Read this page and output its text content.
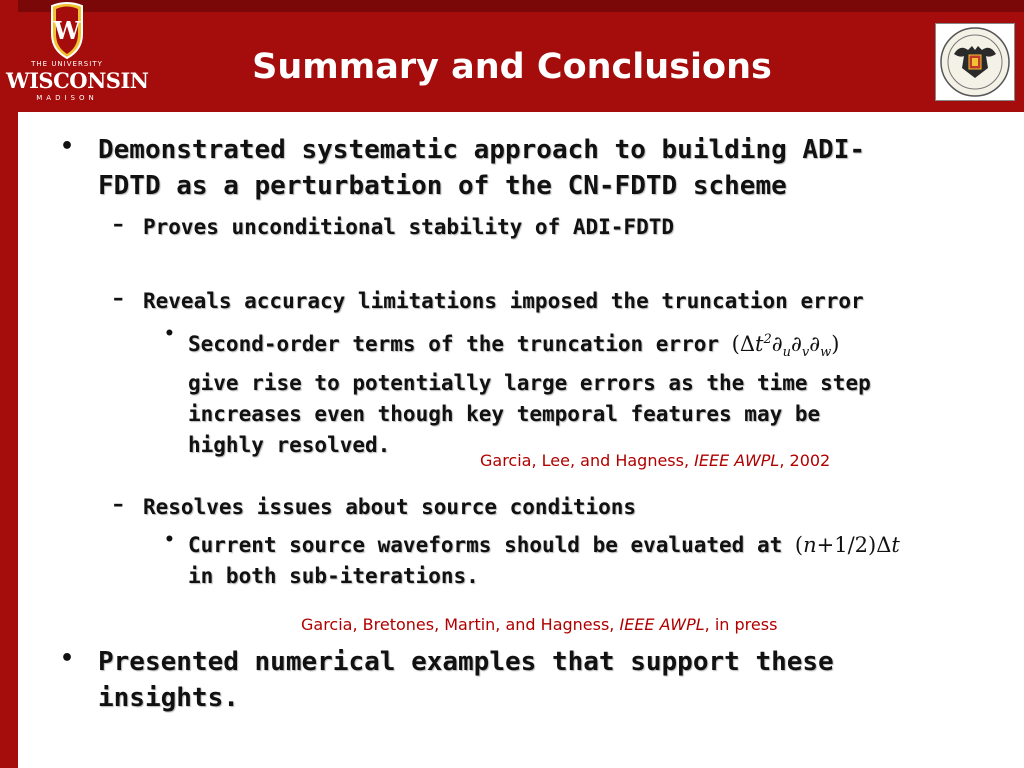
W
THE UNIVERSITY
WISCONSIN
MADISON
Summary and Conclusions
• Demonstrated systematic approach to building ADI-
FDTD as a perturbation of the CN-FDTD scheme
– Proves unconditional stability of ADI-FDTD
– Reveals accuracy limitations imposed the truncation error
• Second-order terms of the truncation error $(\Delta t^2\partial_u\partial_v\partial_w)$
give rise to potentially large errors as the time step
increases even though key temporal features may be
highly resolved.
Garcia, Lee, and Hagness, IEEE AWPL, 2002
– Resolves issues about source conditions
• Current source waveforms should be evaluated at (n+1/2)Δt
in both sub-iterations.
Garcia, Bretones, Martin, and Hagness, IEEE AWPL, in press
• Presented numerical examples that support these
insights.
